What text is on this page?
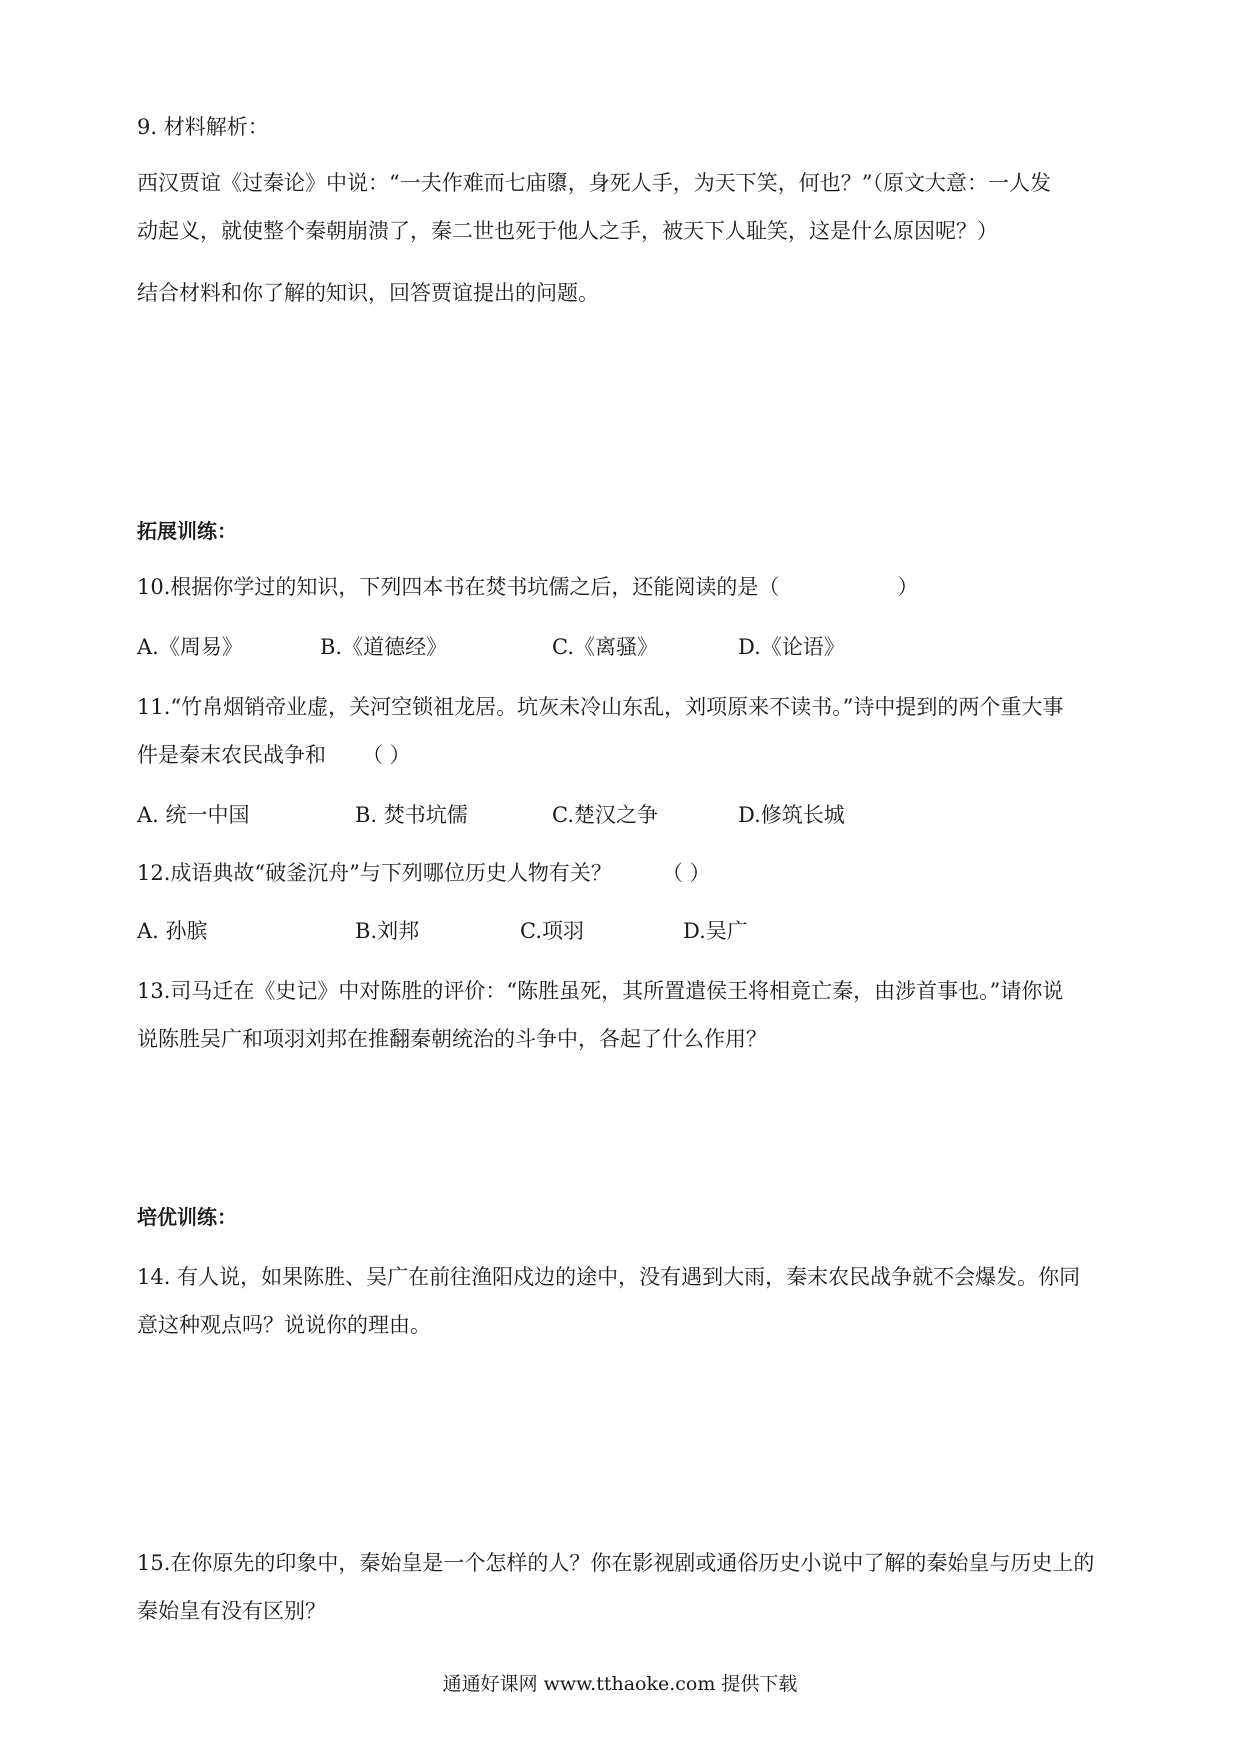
9. 材料解析：
西汉贾谊《过秦论》中说：“一夫作难而七庙隳，身死人手，为天下笑，何也？”（原文大意：一人发
动起义，就使整个秦朝崩溃了，秦二世也死于他人之手，被天下人耻笑，这是什么原因呢？）
结合材料和你了解的知识，回答贾谊提出的问题。
拓展训练：
10.根据你学过的知识，下列四本书在焚书坑儒之后，还能阅读的是（	）
A.《周易》	B.《道德经》	C.《离骚》	D.《论语》
11.“竹帛烟销帝业虚，关河空锁祖龙居。坑灰未冷山东乱，刘项原来不读书。”诗中提到的两个重大事
件是秦末农民战争和 （ ）
A. 统一中国	B. 焚书坑儒	C.楚汉之争	D.修筑长城
12.成语典故“破釜沉舟”与下列哪位历史人物有关？ （ ）
A. 孙膑	B.刘邦	C.项羽	D.吴广
13.司马迁在《史记》中对陈胜的评价：“陈胜虽死，其所置遣侯王将相竟亡秦，由涉首事也。”请你说
说陈胜吴广和项羽刘邦在推翻秦朝统治的斗争中，各起了什么作用？
培优训练：
14. 有人说，如果陈胜、吴广在前往渔阳戍边的途中，没有遇到大雨，秦末农民战争就不会爆发。你同
意这种观点吗？说说你的理由。
15.在你原先的印象中，秦始皇是一个怎样的人？你在影视剧或通俗历史小说中了解的秦始皇与历史上的
秦始皇有没有区别？
通通好课网 www.tthaoke.com 提供下载
